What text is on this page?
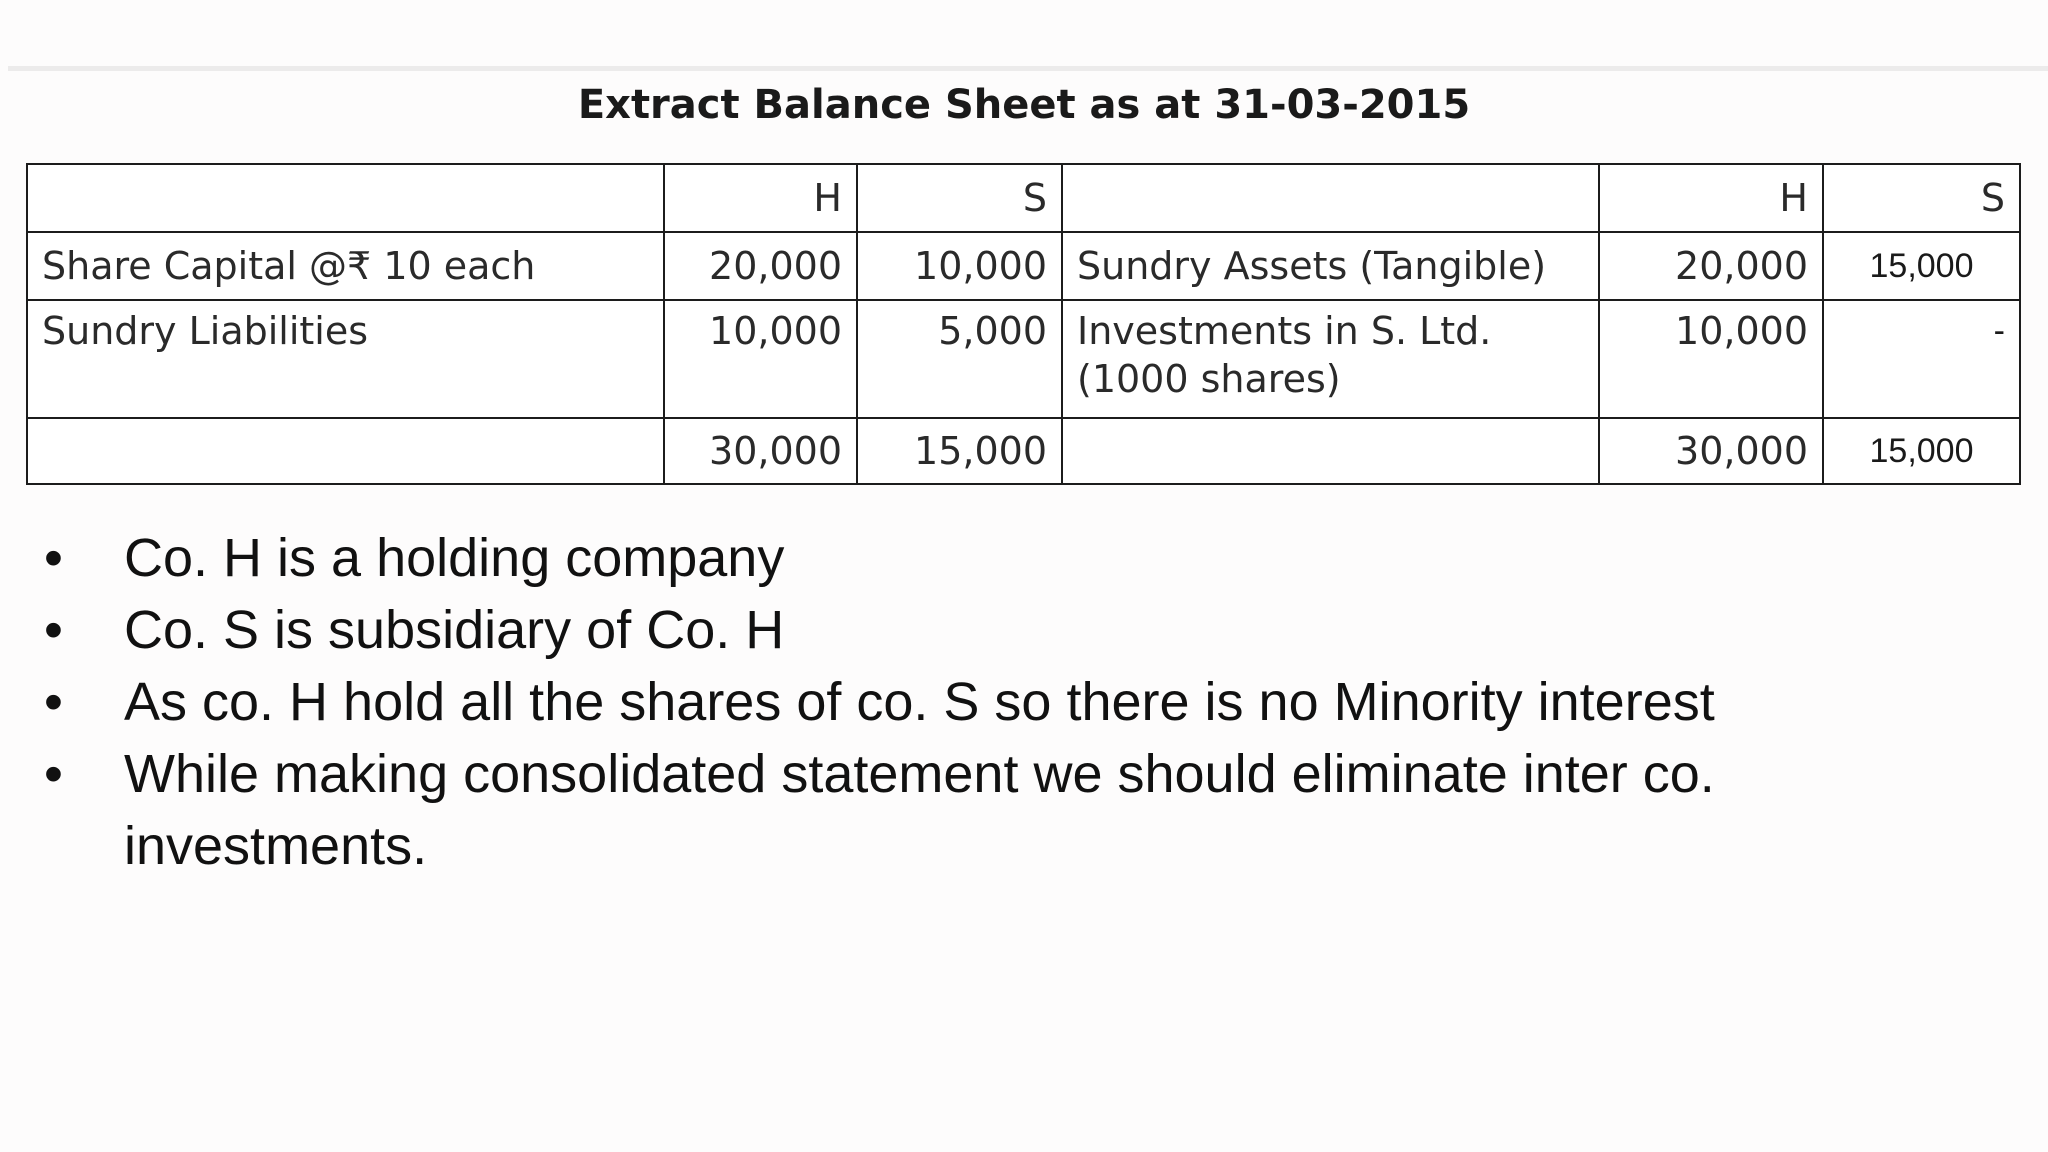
Extract Balance Sheet as at 31-03-2015
	H	S		H	S
Share Capital @₹ 10 each	20,000	10,000	Sundry Assets (Tangible)	20,000	15,000
Sundry Liabilities	10,000	5,000	Investments in S. Ltd. (1000 shares)	10,000	-
	30,000	15,000		30,000	15,000
•	Co. H is a holding company
•	Co. S is subsidiary of Co. H
•	As co. H hold all the shares of co. S so there is no Minority interest
•	While making consolidated statement we should eliminate inter co. investments.
